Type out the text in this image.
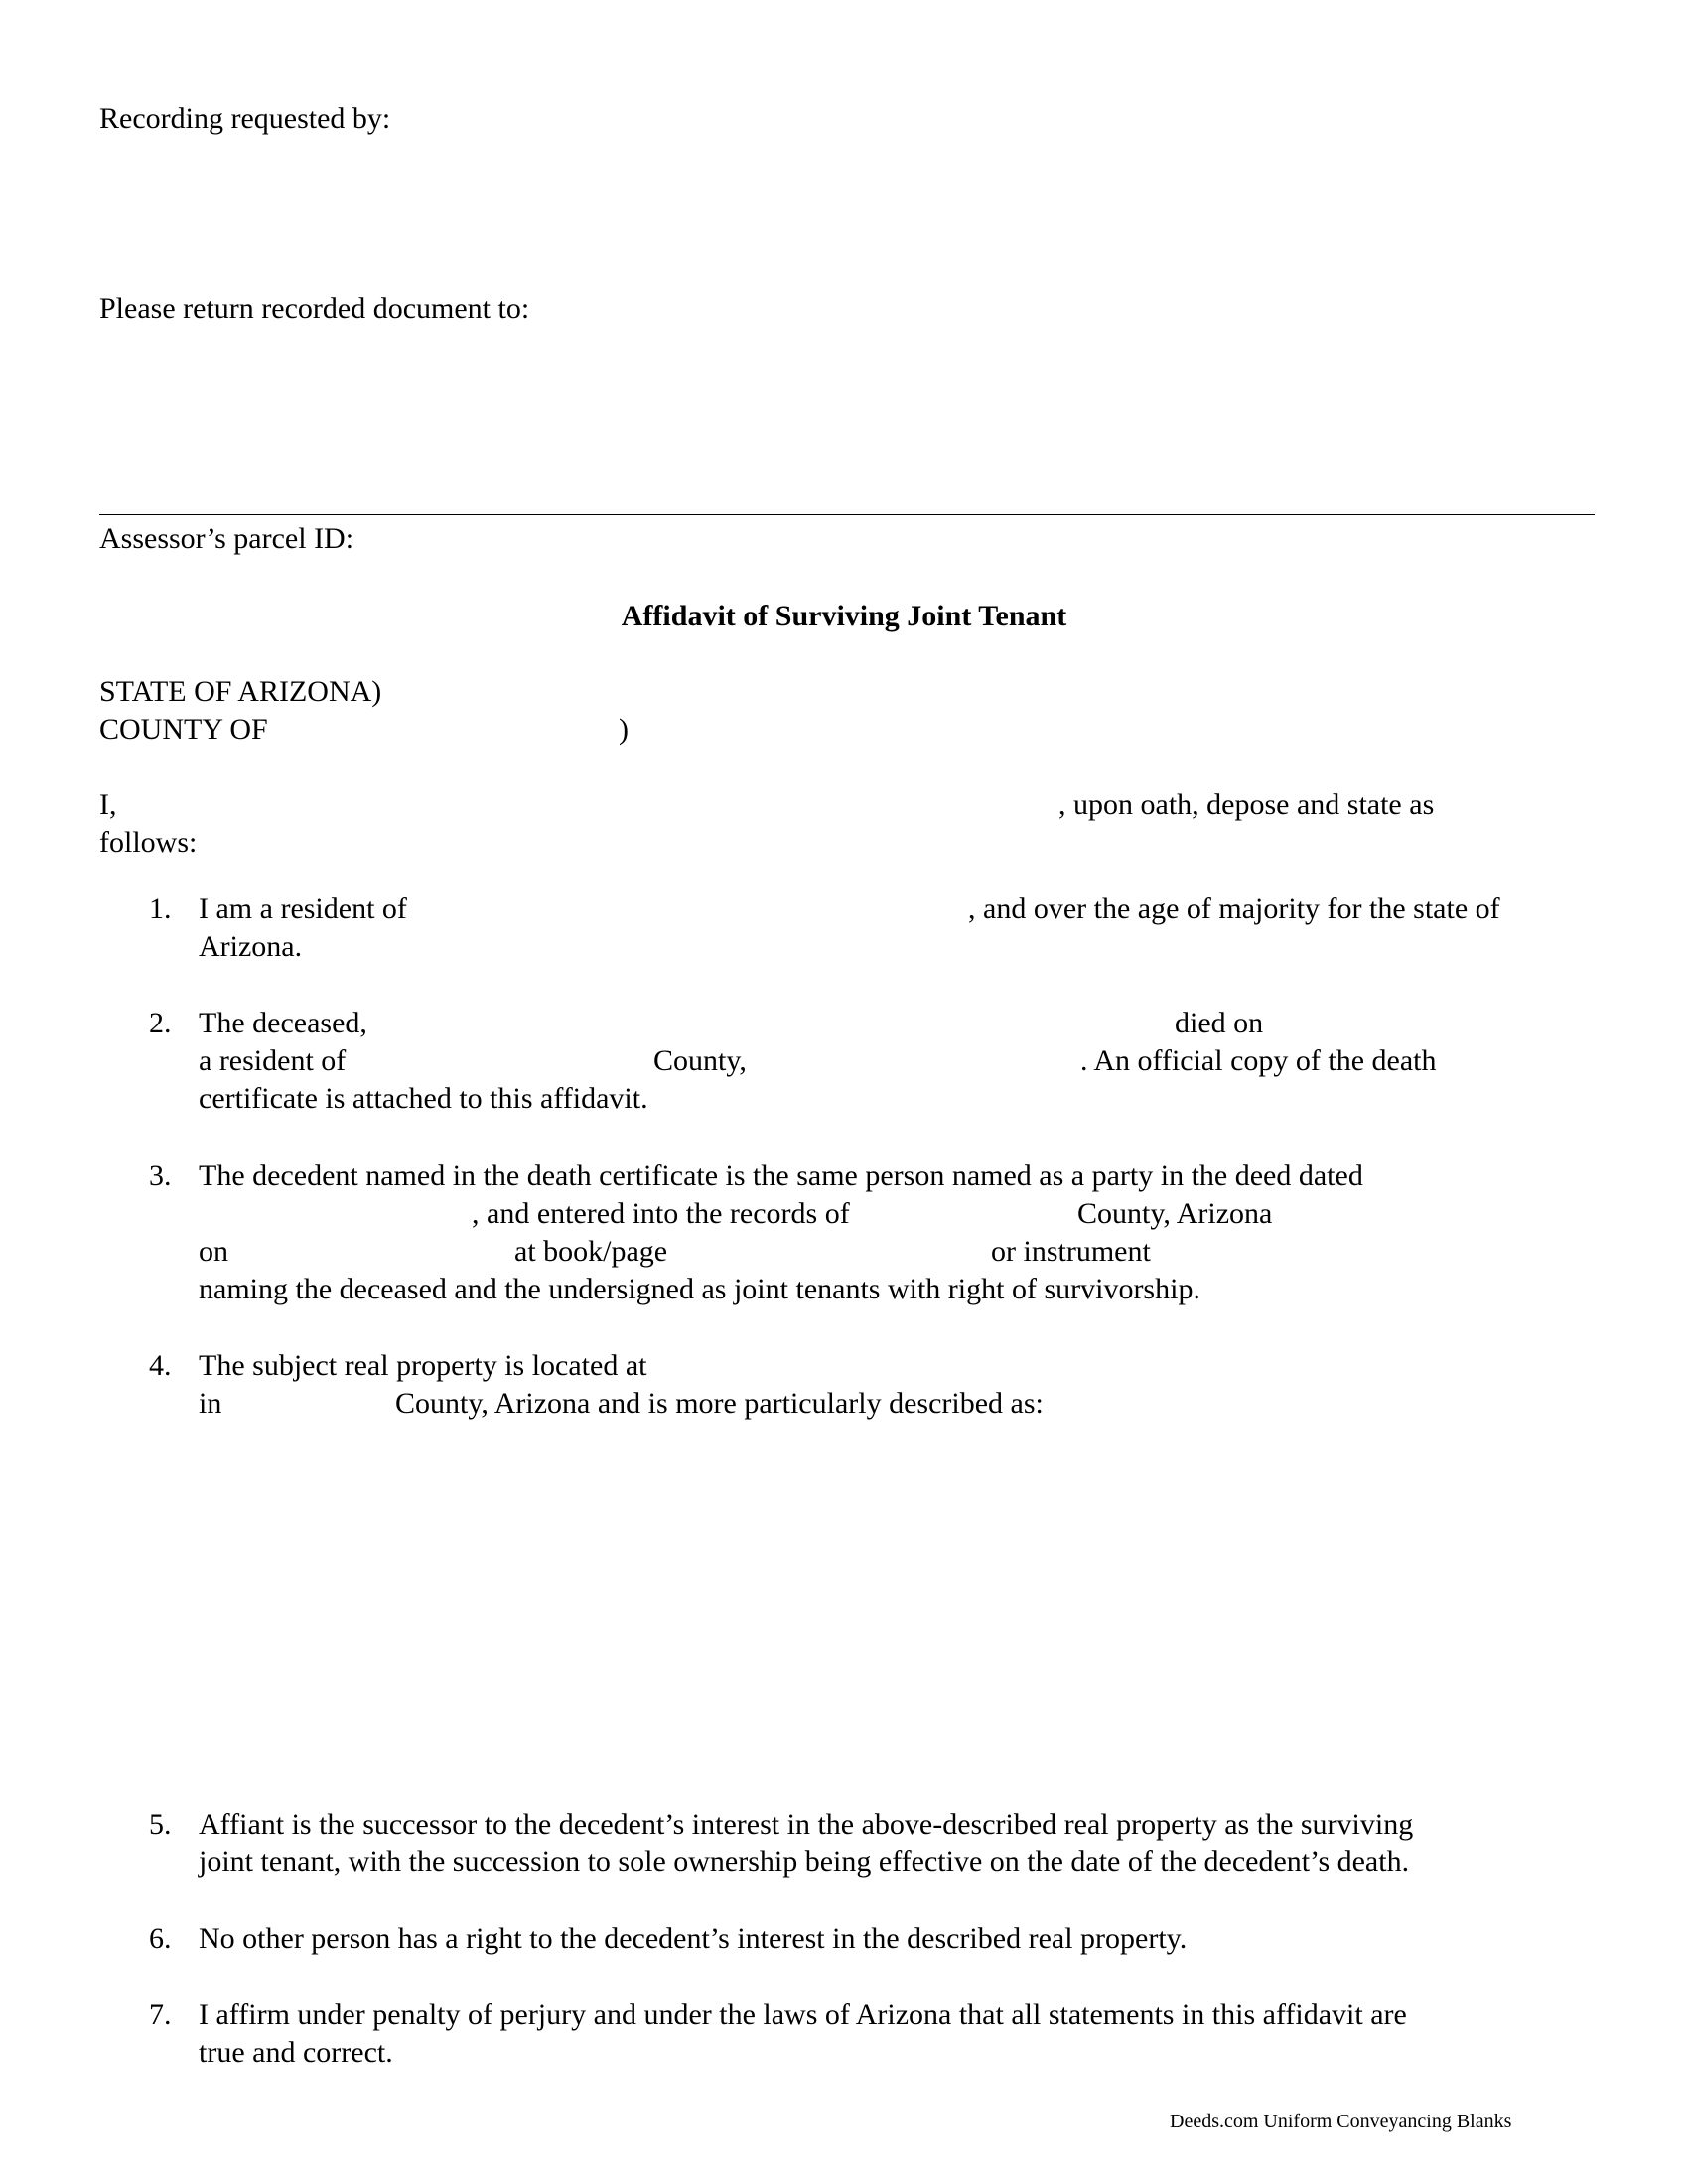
Recording requested by:
Please return recorded document to:
Assessor’s parcel ID:
Affidavit of Surviving Joint Tenant
STATE OF ARIZONA)
COUNTY OF	)
I,	, upon oath, depose and state as
follows:
1. I am a resident of	, and over the age of majority for the state of
Arizona.
2. The deceased,	died on
a resident of	County,	. An official copy of the death
certificate is attached to this affidavit.
3. The decedent named in the death certificate is the same person named as a party in the deed dated
, and entered into the records of	County, Arizona
on	at book/page	or instrument
naming the deceased and the undersigned as joint tenants with right of survivorship.
4. The subject real property is located at
in	County, Arizona and is more particularly described as:
5. Affiant is the successor to the decedent’s interest in the above-described real property as the surviving
joint tenant, with the succession to sole ownership being effective on the date of the decedent’s death.
6. No other person has a right to the decedent’s interest in the described real property.
7. I affirm under penalty of perjury and under the laws of Arizona that all statements in this affidavit are
true and correct.
Deeds.com Uniform Conveyancing Blanks
